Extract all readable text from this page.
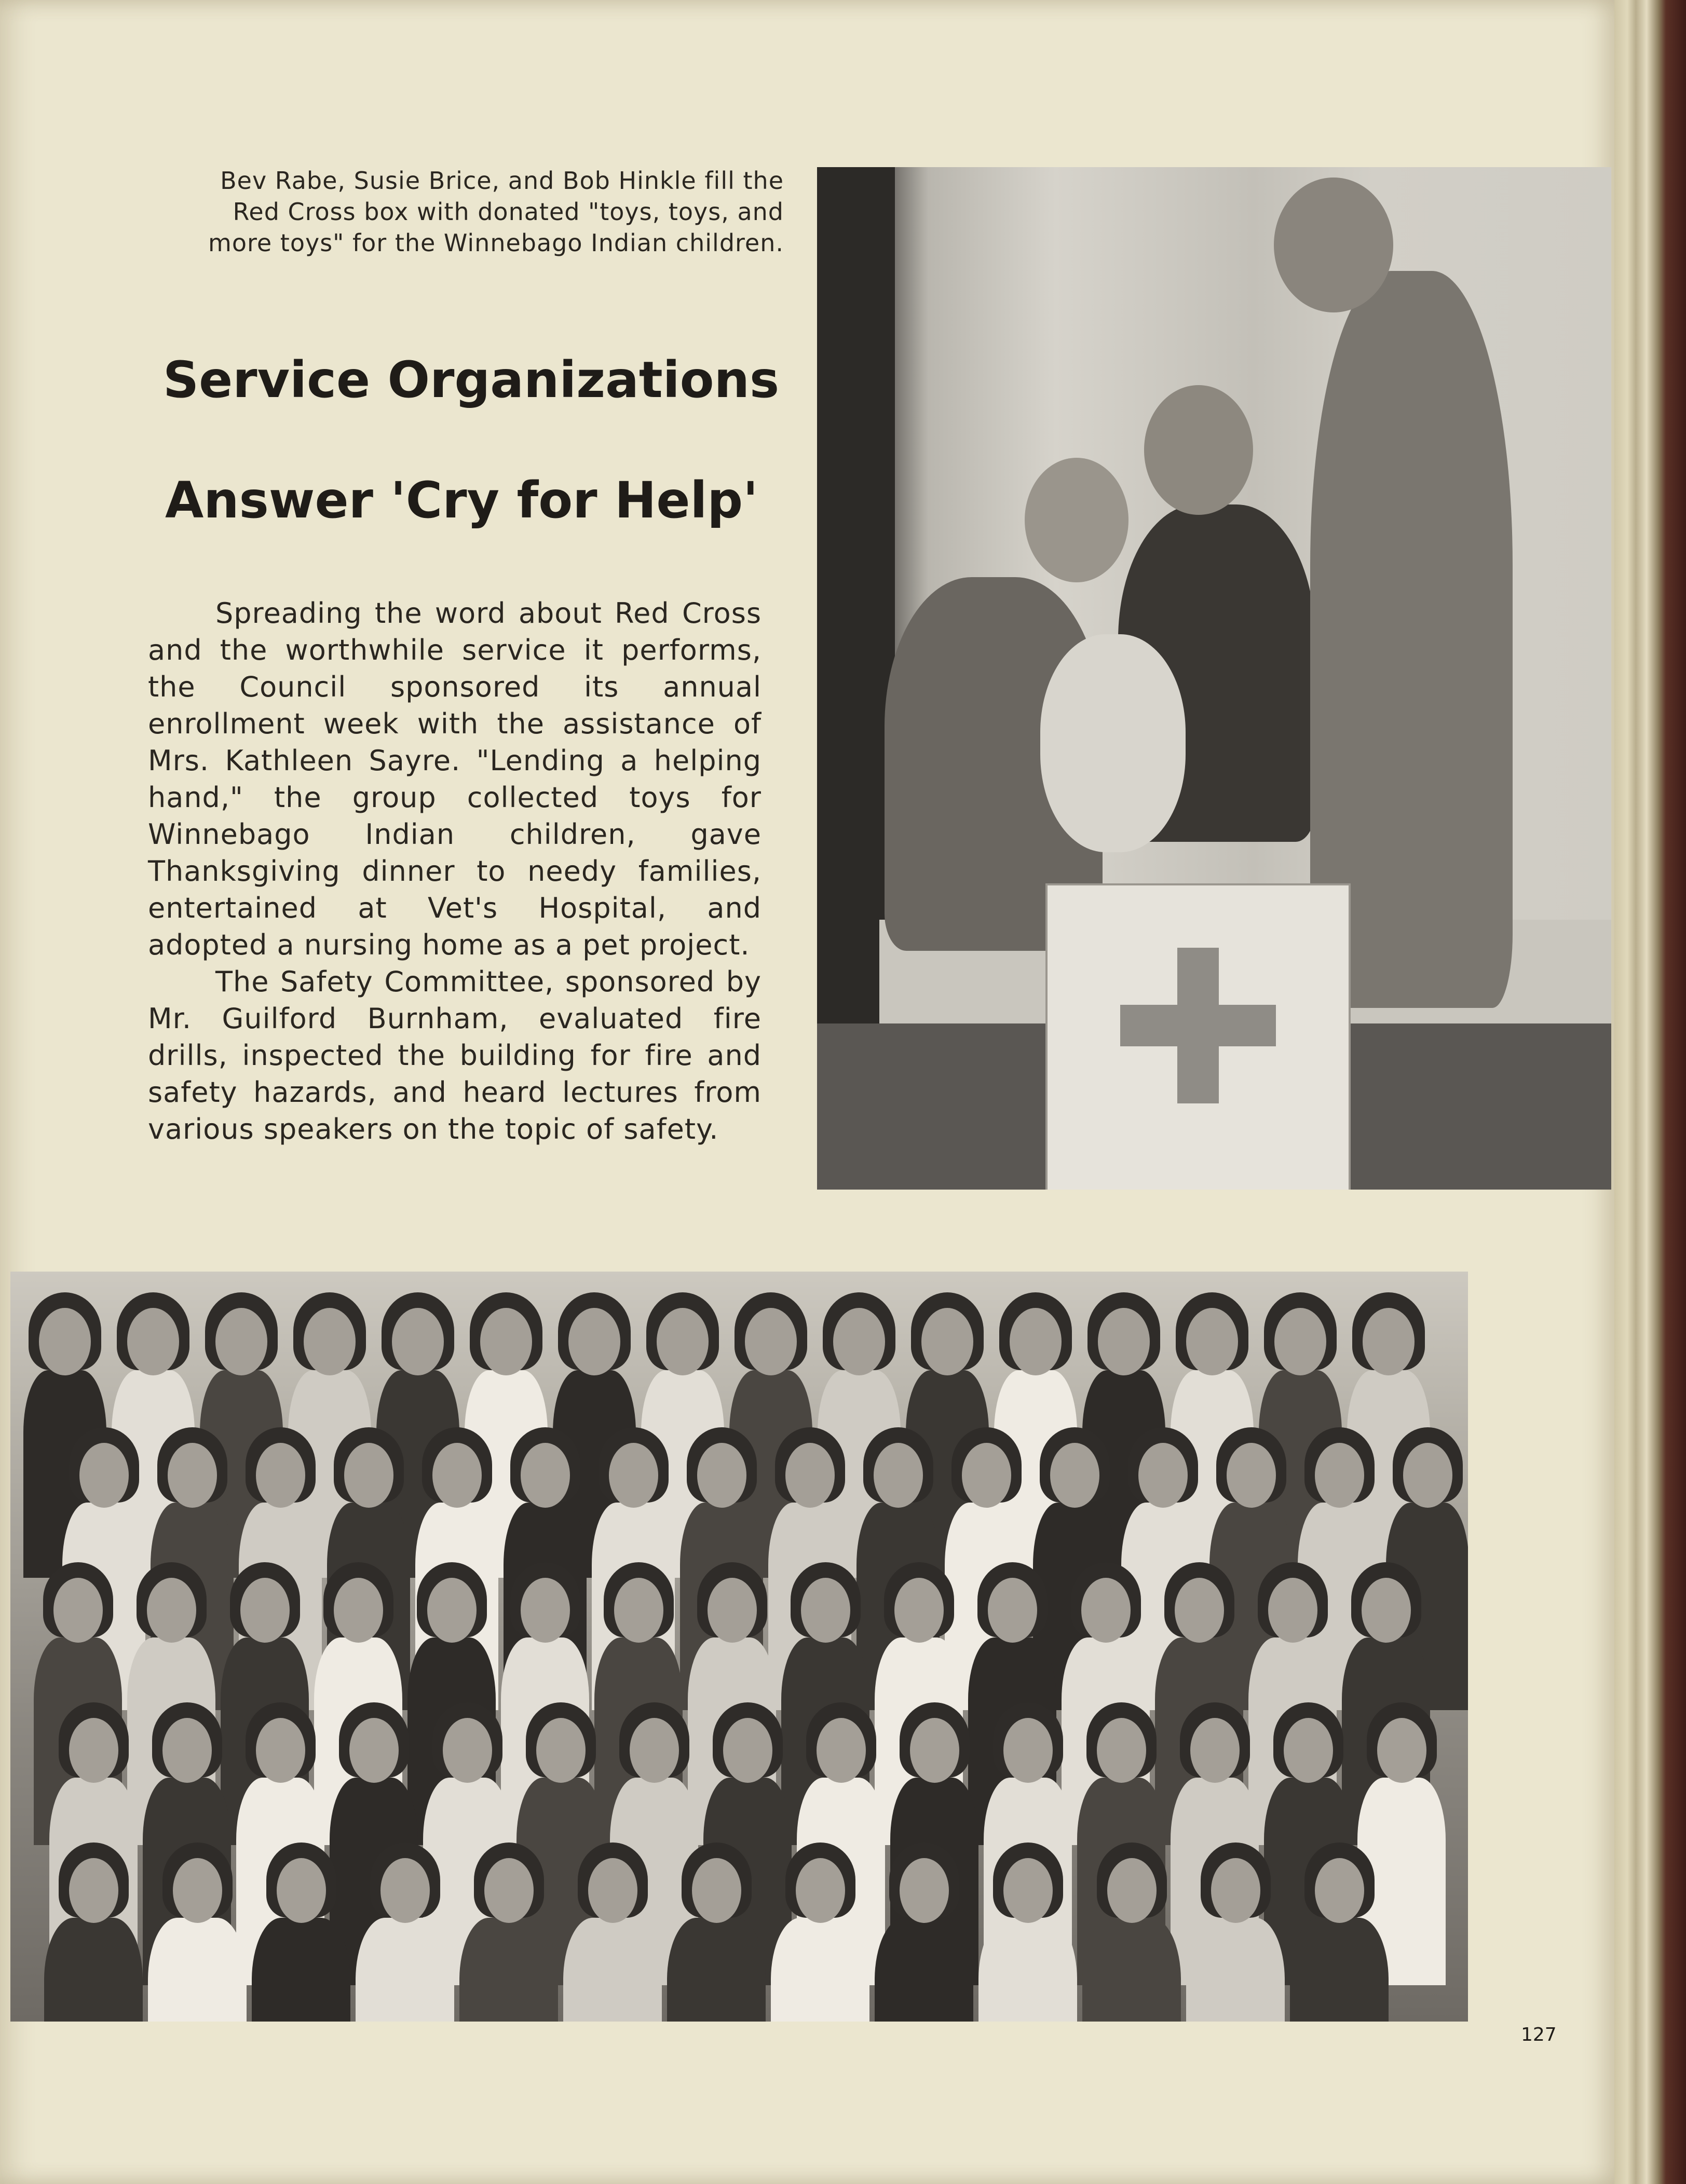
Bev Rabe, Susie Brice, and Bob Hinkle fill the Red Cross box with donated "toys, toys, and more toys" for the Winnebago Indian children.
Service Organizations
Answer 'Cry for Help'

Spreading the word about Red Cross and the worthwhile service it performs, the Council sponsored its annual enrollment week with the assistance of Mrs. Kathleen Sayre. "Lending a helping hand," the group collected toys for Winnebago Indian children, gave Thanksgiving dinner to needy families, entertained at Vet's Hospital, and adopted a nursing home as a pet project.

The Safety Committee, sponsored by Mr. Guilford Burnham, evaluated fire drills, inspected the building for fire and safety hazards, and heard lectures from various speakers on the topic of safety.

127
